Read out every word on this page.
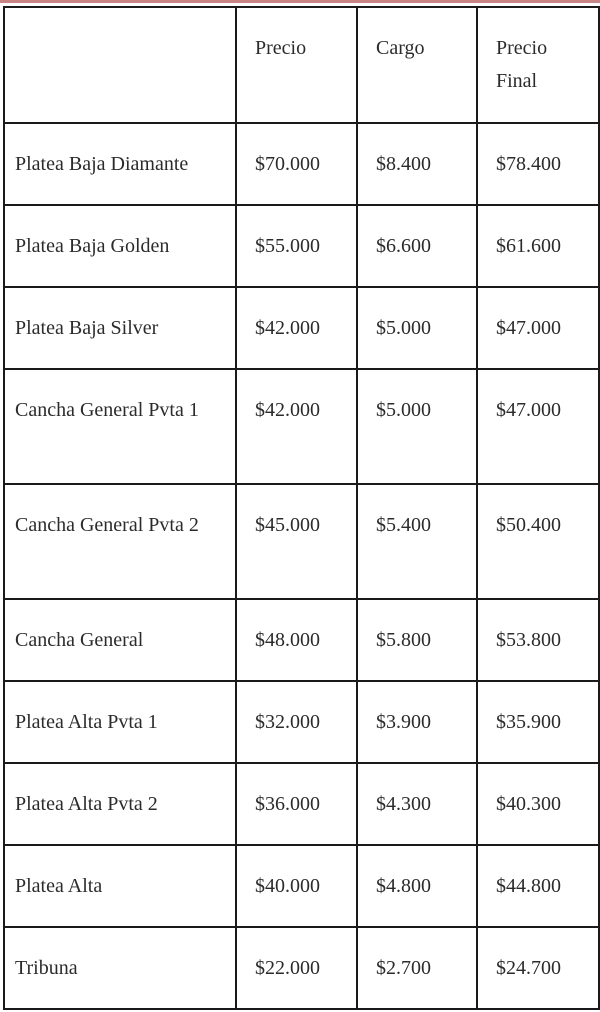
	Precio	Cargo	Precio Final
Platea Baja Diamante	$70.000	$8.400	$78.400
Platea Baja Golden	$55.000	$6.600	$61.600
Platea Baja Silver	$42.000	$5.000	$47.000
Cancha General Pvta 1	$42.000	$5.000	$47.000
Cancha General Pvta 2	$45.000	$5.400	$50.400
Cancha General	$48.000	$5.800	$53.800
Platea Alta Pvta 1	$32.000	$3.900	$35.900
Platea Alta Pvta 2	$36.000	$4.300	$40.300
Platea Alta	$40.000	$4.800	$44.800
Tribuna	$22.000	$2.700	$24.700
